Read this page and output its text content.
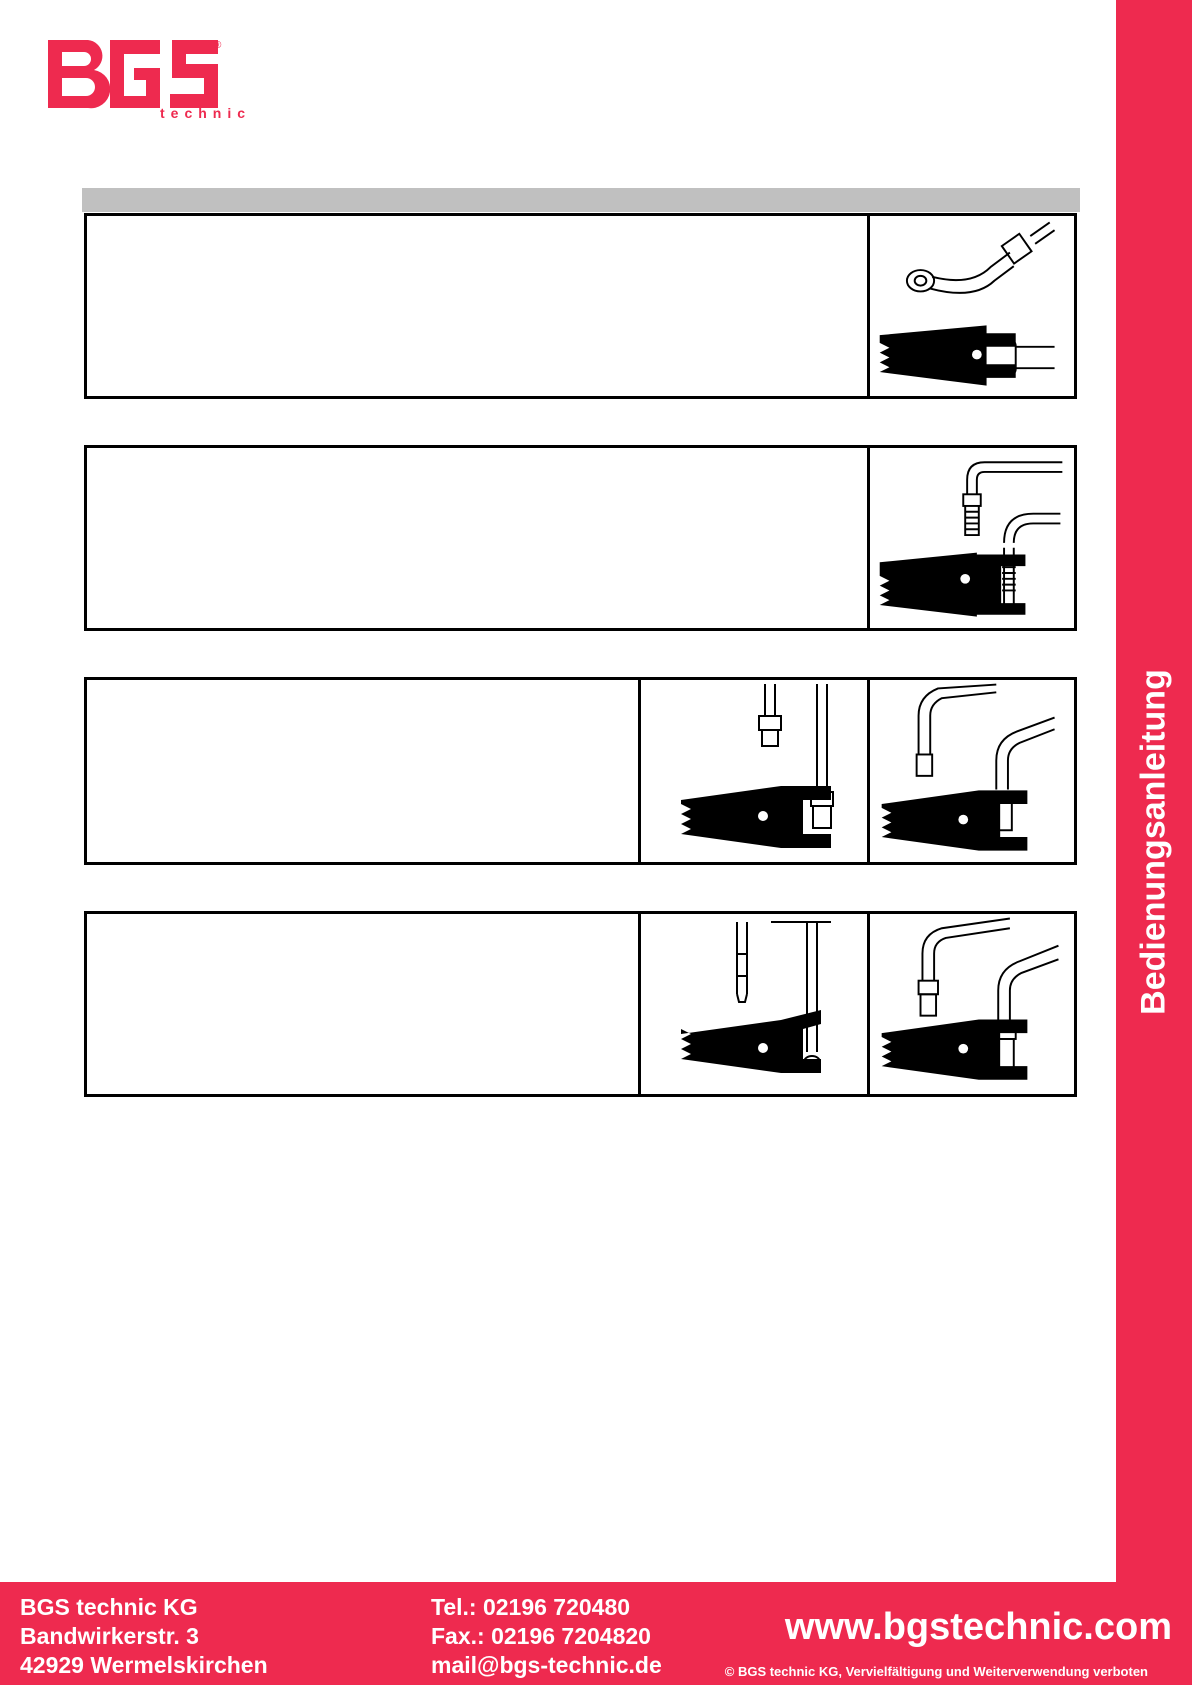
technic
®
Bedienungsanleitung
BGS technic KG
Bandwirkerstr. 3
42929 Wermelskirchen
Tel.: 02196 720480
Fax.: 02196 7204820
mail@bgs-technic.de
www.bgstechnic.com
© BGS technic KG, Vervielfältigung und Weiterverwendung verboten
